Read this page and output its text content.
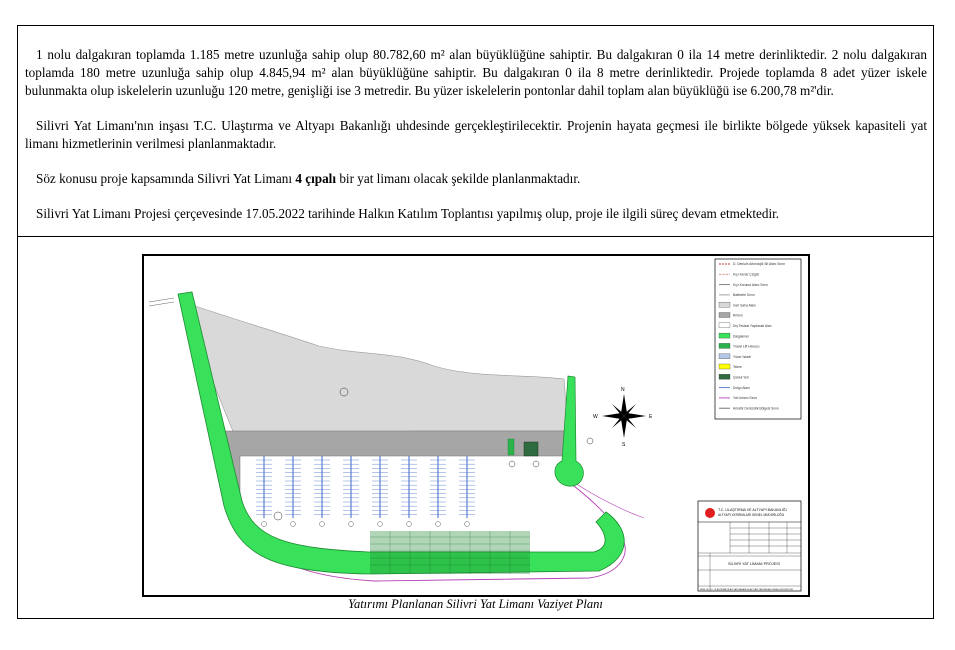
1 nolu dalgakıran toplamda 1.185 metre uzunluğa sahip olup 80.782,60 m² alan büyüklüğüne sahiptir. Bu dalgakıran 0 ila 14 metre derinliktedir. 2 nolu dalgakıran toplamda 180 metre uzunluğa sahip olup 4.845,94 m² alan büyüklüğüne sahiptir. Bu dalgakıran 0 ila 8 metre derinliktedir. Projede toplamda 8 adet yüzer iskele bulunmakta olup iskelelerin uzunluğu 120 metre, genişliği ise 3 metredir. Bu yüzer iskelelerin pontonlar dahil toplam alan büyüklüğü ise 6.200,78 m²'dir.

Silivri Yat Limanı'nın inşası T.C. Ulaştırma ve Altyapı Bakanlığı uhdesinde gerçekleştirilecektir. Projenin hayata geçmesi ile birlikte bölgede yüksek kapasiteli yat limanı hizmetlerinin verilmesi planlanmaktadır.

Söz konusu proje kapsamında Silivri Yat Limanı 4 çıpalı bir yat limanı olacak şekilde planlanmaktadır.

Silivri Yat Limanı Projesi çerçevesinde 17.05.2022 tarihinde Halkın Katılım Toplantısı yapılmış olup, proje ile ilgili süreç devam etmektedir.

N
S
E
W
D. Deniz/a Arkeolojik Sit Alanı Sınırı
Kıyı Kenar Çizgisi
Kıyı Koruma Alanı Sınırı
Batimetri Sınırı
Geri Saha Alanı
Rıhtım
Dış Tesisat Yapılacak Alan
Dalgakıran
Travel Lift Havuzu
Yüzer İskele
Tekne
Çekek Yeri
Dolgu Alanı
Yat Limanı Sınırı
Amatör Denizcilik Bölgesi Sınırı
T.C. ULAŞTIRMA VE ALTYAPI BAKANLIĞI
ALTYAPI YATIRIMLARI GENEL MÜDÜRLÜĞÜ
SİLİVRİ YAT LİMANI PROJESİ
MÜELLİF: T.C. ULAŞTIRMA VE ALTYAPI BAKANLIĞI ALTYAPI YATIRIMLARI GENEL MÜDÜRLÜĞÜ
Yatırımı Planlanan Silivri Yat Limanı Vaziyet Planı
